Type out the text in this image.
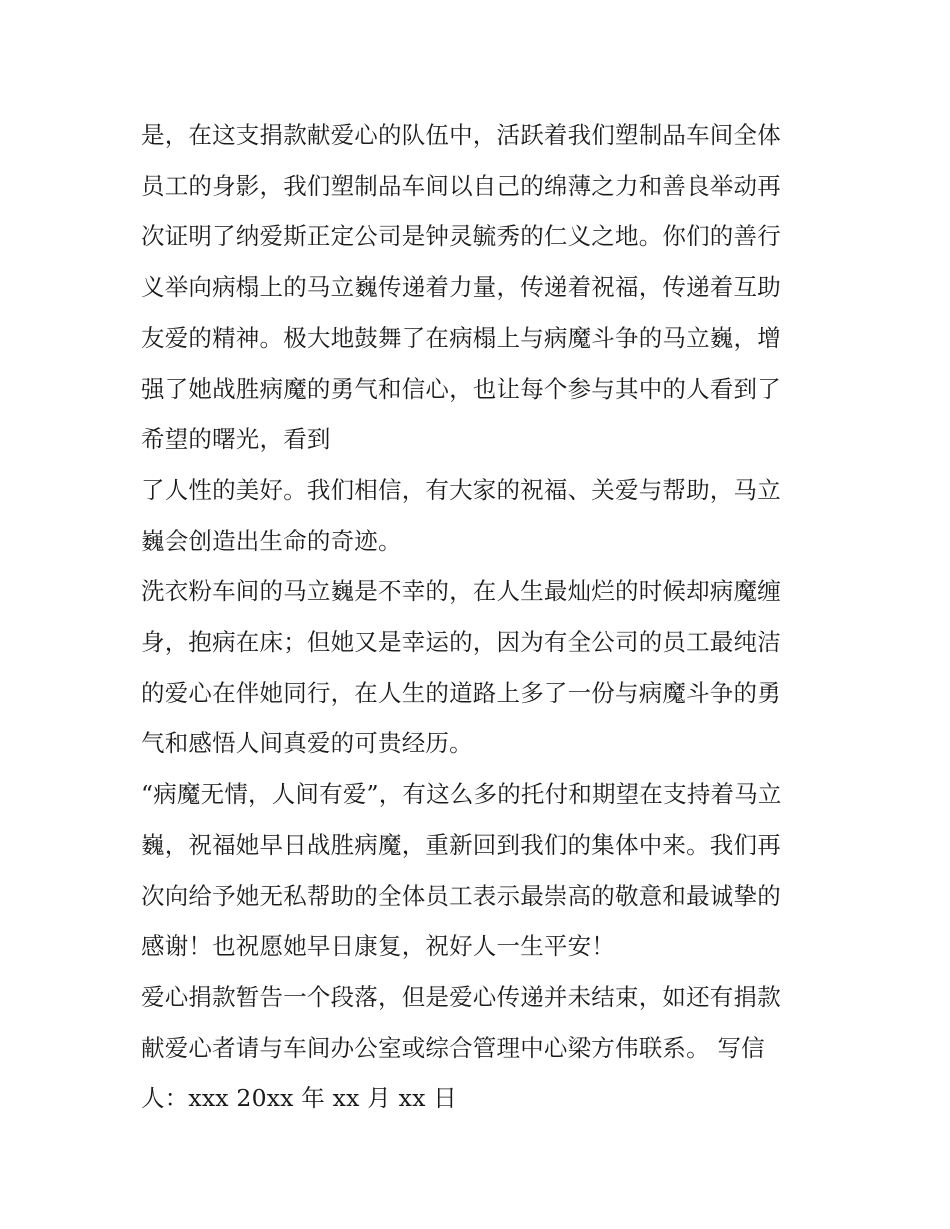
是，在这支捐款献爱心的队伍中，活跃着我们塑制品车间全体

员工的身影，我们塑制品车间以自己的绵薄之力和善良举动再

次证明了纳爱斯正定公司是钟灵毓秀的仁义之地。你们的善行

义举向病榻上的马立巍传递着力量，传递着祝福，传递着互助

友爱的精神。极大地鼓舞了在病榻上与病魔斗争的马立巍，增

强了她战胜病魔的勇气和信心，也让每个参与其中的人看到了

希望的曙光，看到

了人性的美好。我们相信，有大家的祝福、关爱与帮助，马立

巍会创造出生命的奇迹。

洗衣粉车间的马立巍是不幸的，在人生最灿烂的时候却病魔缠

身，抱病在床；但她又是幸运的，因为有全公司的员工最纯洁

的爱心在伴她同行，在人生的道路上多了一份与病魔斗争的勇

气和感悟人间真爱的可贵经历。

“病魔无情，人间有爱”，有这么多的托付和期望在支持着马立

巍，祝福她早日战胜病魔，重新回到我们的集体中来。我们再

次向给予她无私帮助的全体员工表示最崇高的敬意和最诚挚的

感谢！也祝愿她早日康复，祝好人一生平安！

爱心捐款暂告一个段落，但是爱心传递并未结束，如还有捐款

献爱心者请与车间办公室或综合管理中心梁方伟联系。 写信

人：xxx 20xx 年 xx 月 xx 日
